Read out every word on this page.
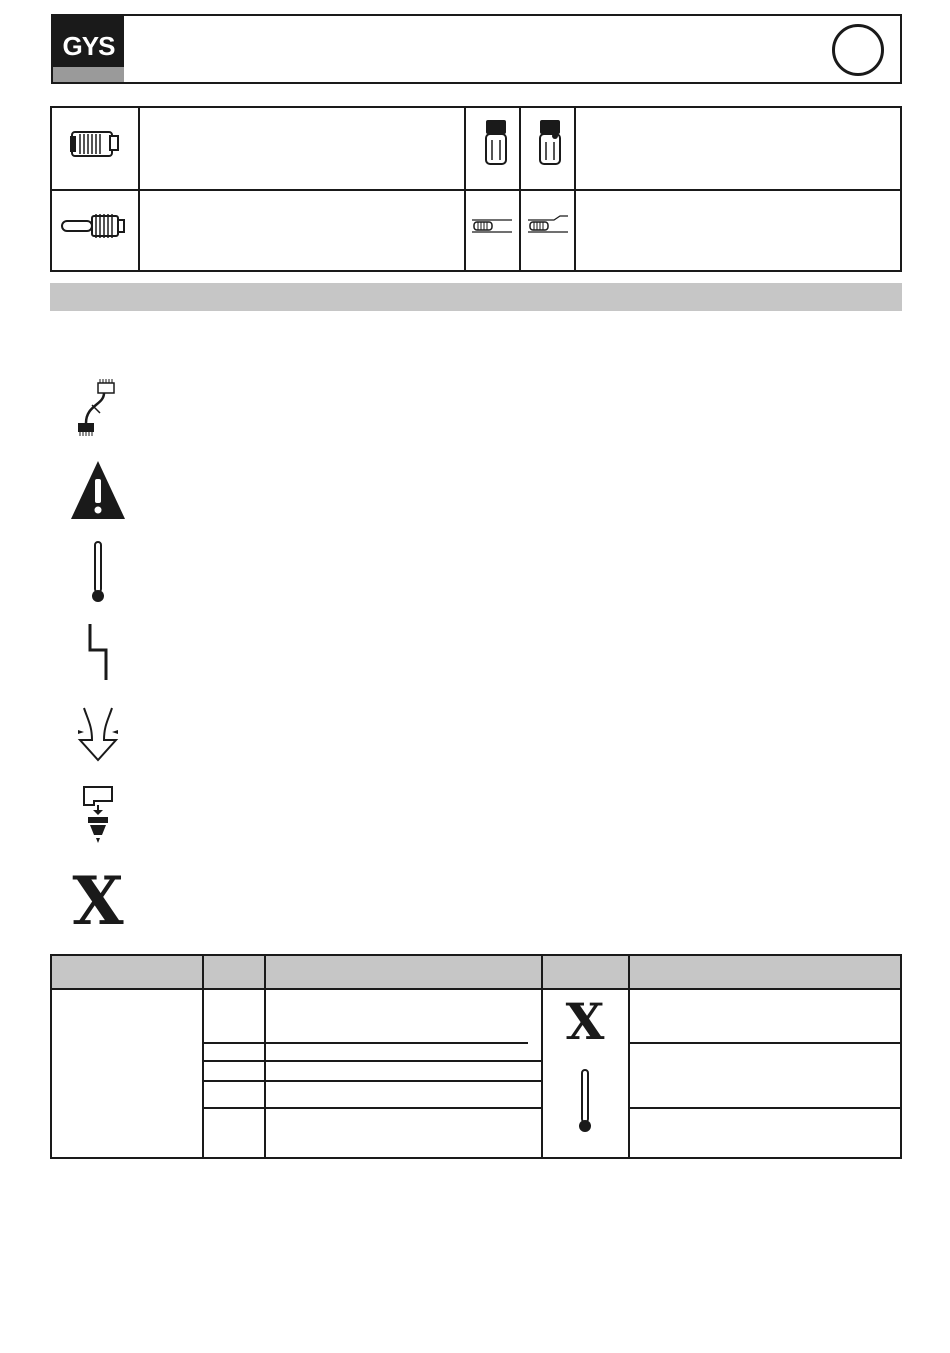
GYS
X
X
